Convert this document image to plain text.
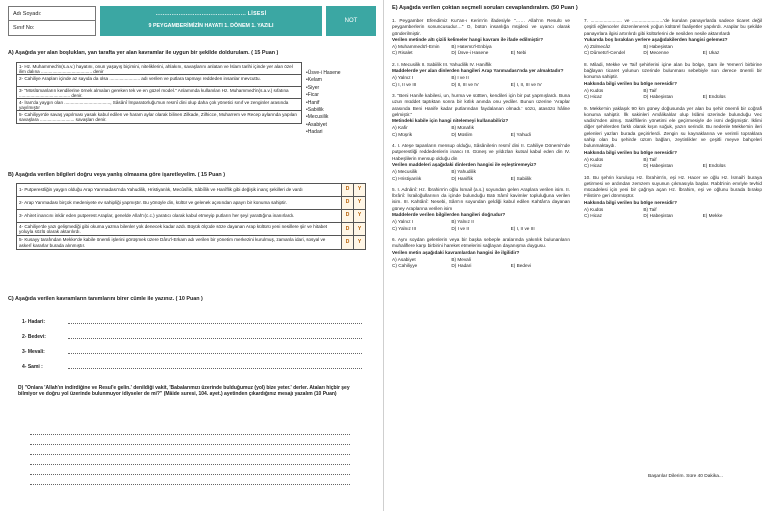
Adı Soyadı:
Sınıf No:
................................................... LİSESİ
9 PEYGAMBERİMİZİN HAYATI 1. DÖNEM 1. YAZILI
NOT
A) Aşağıda yer alan boşlukları, yan tarafta yer alan kavramlar ile uygun bir şekilde doldurulam. ( 15 Puan )
1- Hz. Muhammed'in(s.a.v.) hayatını, onun yaşayış biçimini, niteliklerini, ahlakını, savaşlarını anlatan ve İslam tarihi içinde yer alan özel ilim dalına ........................................ denir
2- Cahiliye Arapları içinde az sayıda da olsa ........................ adı verilen ve putlara tapmayı reddeden insanlar mevcuttu.
3- "Müslümanların kendilerine örnek almaları gereken tek ve en güzel model." Anlamında kullanılan Hz. Muhammed'in(s.a.v.) sıfatına ........................................ denir.
4- İran'da yaygın olan ...................................., Sâsânî İmparatorluğu'nun resmî dini olup daha çok yönetici sınıf ve zenginler arasında yayılmıştır
5- Cahiliyye'de savaş yapılması yasak kabul edilen ve haram aylar olarak bilinen Zilkade, Zilhicce, Muharrem ve Recep aylarında yapılan savaşlara ........................... savaşları denir.
• Üsve-i Hasene
• Kelam
• Siyer
• Ficar
• Hanif
• Sabiilik
• Mecusilik
• Asabiyet
• Hadari
B) Aşağıda verilen bilgileri doğru veya yanlış olmasına göre işaretleyelim. ( 15 Puan )
1- Putperestliğin yaygın olduğu Arap Yarımadası'nda Yahudilik, Hristiyanlık, Mecûsîlik, Sâbiîlik ve Hanîflik gibi değişik inanç şekilleri de vardı	D	Y
2- Arap Yarımadası birçok medeniyete ev sahipliği yapmıştır. Bu yönüyle din, kültür ve gelenek açısından apayrı bir konuma sahiptir.	D	Y
3- Ahiret inancını inkâr eden putperest Araplar, genelde Allah'ı(c.c.) yaratıcı olarak kabul etmeyip putların her şeyi yarattığına inanırlardı.	D	Y
4- Cahiliye'de yazı gelişmediği gibi okuma yazma bilenler yok denecek kadar azdı. Büyük ölçüde söze dayanan Arap kültürü yeni nesillere şiir ve hitabet yoluyla sözlü olarak aktarılırdı.	D	Y
5- Kusayy tarafından Mekke'de kabile önemli işlerini görüşmek üzere Dâru'l-Erkam adı verilen bir yönetim merkezini kurulmuş, zamanla idari, sosyal ve askerî kararlar burada alınmıştır.	D	Y
C) Aşağıda verilen kavramların tanımlarını birer cümle ile yazınız. ( 10 Puan )
1- Hadari:
2- Bedevi:
3- Mevali:
4- Sami :
D) "Onlara 'Allah'ın indirdiğine ve Resul'e gelin.' denildiği vakit, 'Babalarımızı üzerinde bulduğumuz (yol) bize yeter.' derler. Ataları hiçbir şey bilmiyor ve doğru yol üzerinde bulunmuyor idiyseler de mi?" (Mâide suresi, 104. ayet.) ayetinden çıkardığınız mesajı yazalım (10 Puan)
E) Aşağıda verilen çoktan seçmeli soruları cevaplandıralım. (50 Puan )
1. Peygamber Efendimiz Kur'an-ı Kerim'in ifadesiyle "…… Allah'ın Resulü ve peygamberlerin sonuncusudur…" O, bütün insanlığa müjdeci ve uyarıcı olarak gönderilmiştir.
Verilen metinde altı çizili kelimeler hangi kavram ile ifade edilmiştir?
A) Muhammedü'l-Emin	B) Hatemü'l-Enbiya
C) Risalet	D) Üsve-i Hasene	E) Nebi
2. I. Mecusilik II. Sabiilik III. Yahudilik IV. Haniflik
Maddelerde yer alan dinlerden hangileri Arap Yarımadası'nda yer almaktadır?
A) Yalnız I	B) I ve II
C) I, II ve III	D) II, III ve IV	E) I, II, III ve IV
3. "Beni Hanife kabilesi, un, hurma ve süttten, kendileri için bir put yapmışlardı. Buna uzun müddet taptıktan sonra bir kıtlık anında onu yediler. Bunun üzerine 'Araplar arasında Beni Hanife kadar putlarından faydalanan olmadı.' sözü, atasözü hâline gelmiştir."
Metindeki kabile için hangi nitelemeyi kullanabiliriz?
A) Kafir	B) Münafık
C) Müşrik	D) Müslim	E) Yahudi
4. I. Ateşe tapanların mensup olduğu, Sâsânilerin resmî dini II. Cahiliye Dönemi'nde putperestliği reddedenlerin inancı III. Güneş ve yıldızları kutsal kabul eden din IV. Habeşlilerin mensup olduğu din
Verilen maddeleri aşağıdaki dinlerden hangisi ile eşleştiremeyiz?
A) Mecusilik	B) Yahudilik
C) Hristiyanlık	D) Haniflik	E) Sabiilik
5. I. Adnânî: Hz. İbrahim'in oğlu İsmail (a.s.) soyundan gelen Araplara verilen isim. II. İbrânî: İsrailoğullarının da içinde bulunduğu Batı Sâmî kavimler topluluğuna verilen isim. III. Kahtânî: Nesebi, Sâm'ın soyundan geldiği kabul edilen Kahtân'a dayanan güney Araplarına verilen isim
Maddelerde verilen bilgilerden hangileri doğrudur?
A) Yalnız I	B) Yalnız II
C) Yalnız III	D) I ve II	E) I, II ve III
6. Aynı soydan gelenlerin veya bir başka sebeple aralarında yakınlık bulunanların muhaliflere karşı birbirini hareket etmelerini sağlayan dayanışma duygusu.
Verilen metin aşağıdaki kavramlardan hangisi ile ilgilidir?
A) Asabiyet	B) Mevali
C) Cahiliyye	D) Hadari	E) Bedevi
7. ........................ ve ........................'de kurulan panayırlarda sadece ticaret değil çeşitli eğlenceler düzenlenerek yoğun kültürel faaliyetler yapılırdı. Araplar bu şekilde panayırlara ilgisi artırılırdı gibi kültürlerini de nesilden nesile aktarırlardı
Yukarıda boş bırakılan yerlere aşağıdakilerden hangisi gelemez?
A) Zülmecâz	B) Habeşistan
C) Dûmetü'l-Cendel	D) Mecenne	E) Ukaz
8. Miladi, Mekke ve Taif şehirlerini içine alan bu bölge, Şam ile Yemen'i birbirine bağlayan ticaret yolunun üzerinde bulunması sebebiyle son derece önemli bir konuma sahiptir.
Hakkında bilgi verilen bu bölge neresidir?
A) Kudüs	B) Taif
C) Hicaz	D) Habeşistan	E) Endülüs
9. Mekke'nin yaklaşık 90 km güney doğusunda yer alan bu şehir önemli bir coğrafi konuma sahiptir. İlk sakinleri Amâlikalılar olup İslâmi üzerinde bulunduğu Vec vadisi'nden almış. Sakîflilerin yönetimi ele geçirmesiyle de ismi değişmiştir. İklimi diğer şehirlerden farklı olarak kışın soğuk, yazın serindir. Bu nedenle Mekke'nin ileri gelenleri yazları burada geçirirlerdi. Zengin su kaynaklarına ve verimli topraklara sahip olan bu şehirde üzüm bağları, zeytinlikler ve çeşitli meyve bahçeleri bulunmaktaydı.
Hakkında bilgi verilen bu bölge neresidir?
A) Kudüs	B) Taif
C) Hicaz	D) Habeşistan	E) Endülüs
10. Bu şehrin kuruluşu Hz. İbrahim'in, eşi Hz. Hacer ve oğlu Hz. İsmail'i buraya getirmesi ve ardından zemzem suyunun çıkmasıyla başlar. Rabb'inin emriyle tevhid mücadelesi için yeni bir çağrıya açan Hz. İbrahim, eşi ve oğlunu burada bırakıp Filistin'e geri dönmüştür.
Hakkında bilgi verilen bu bölge neresidir?
A) Kudüs	B) Taif
C) Hicaz	D) Habeşistan	E) Mekke
Başarılar Dilerim. Süre 40 Dakika...
